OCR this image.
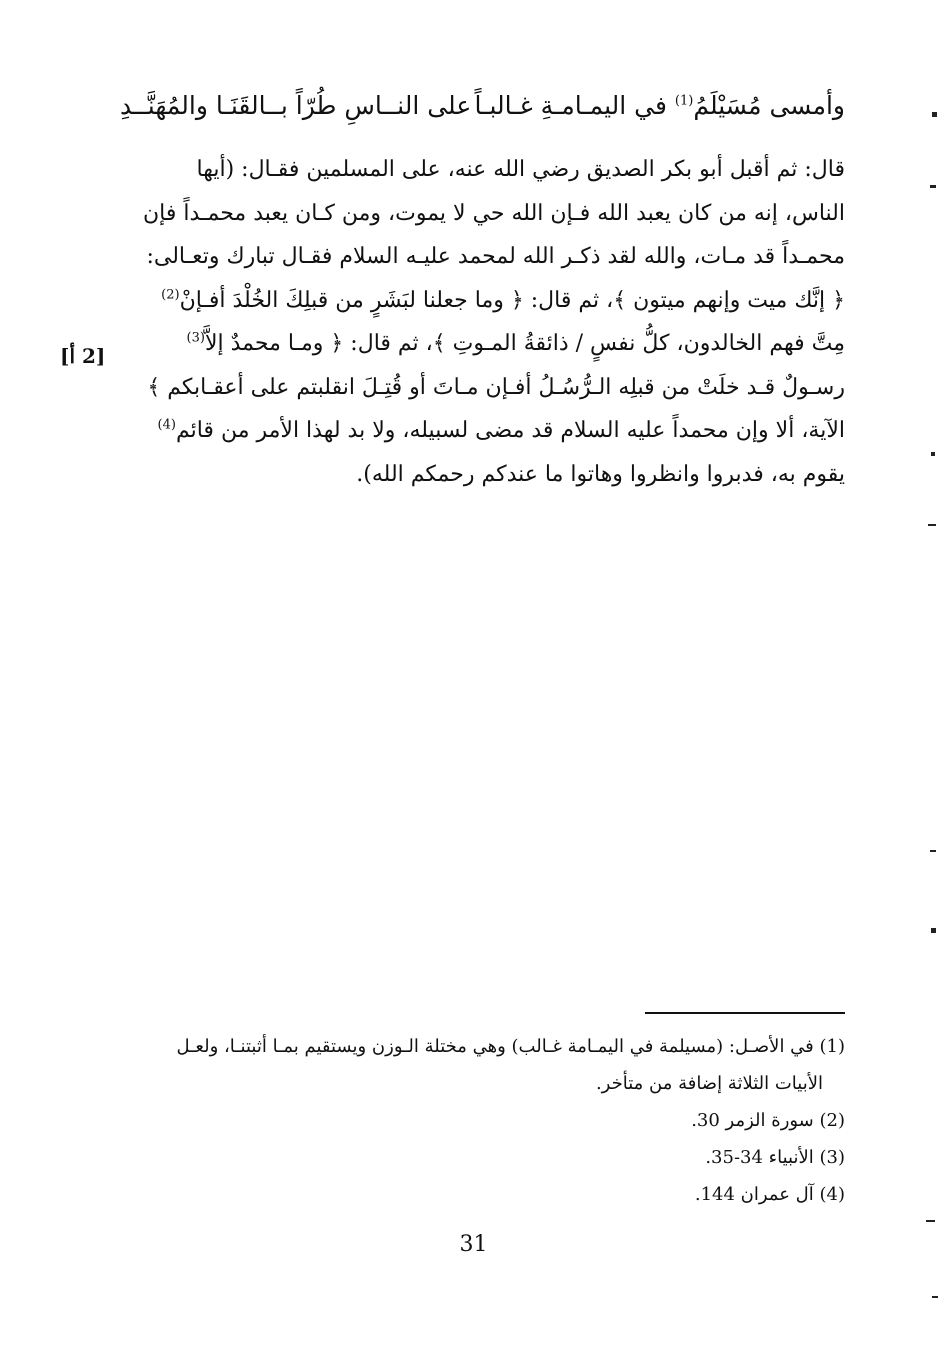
وأمسى مُسَيْلَمُ$^{(1)}$ في اليمـامـةِ غـالبـاً
على النــاسِ طُرّاً بــالقَنَـا والمُهَنَّــدِ

قال: ثم أقبل أبو بكر الصديق رضي الله عنه، على المسلمين فقـال: (أيها

الناس، إنه من كان يعبد الله فـإن الله حي لا يموت، ومن كـان يعبد محمـداً فإن

محمـداً قد مـات، والله لقد ذكـر الله لمحمد عليـه السلام فقـال تبارك وتعـالى:

﴿ إنَّك ميت وإنهم ميتون ﴾، ثم قال: ﴿ وما جعلنا لبَشَرٍ من قبلِكَ الخُلْدَ أفـإنْ$^{(2)}$

مِتَّ فهم الخالدون، كلُّ نفسٍ / ذائقةُ المـوتِ ﴾، ثم قال: ﴿ ومـا محمدٌ إلاَّ$^{(3)}$

رسـولٌ قـد خلَتْ من قبلِه الـرُّسُـلُ أفـإن مـاتَ أو قُتِـلَ انقلبتم على أعقـابكم ﴾

الآية، ألا وإن محمداً عليه السلام قد مضى لسبيله، ولا بد لهذا الأمر من قائم$^{(4)}$

يقوم به، فدبروا وانظروا وهاتوا ما عندكم رحمكم الله).

[2 أ]

(1) في الأصـل: (مسيلمة في اليمـامة غـالب) وهي مختلة الـوزن ويستقيم بمـا أثبتنـا، ولعـل

الأبيات الثلاثة إضافة من متأخر.

(2) سورة الزمر 30.

(3) الأنبياء 34-35.

(4) آل عمران 144.

31
